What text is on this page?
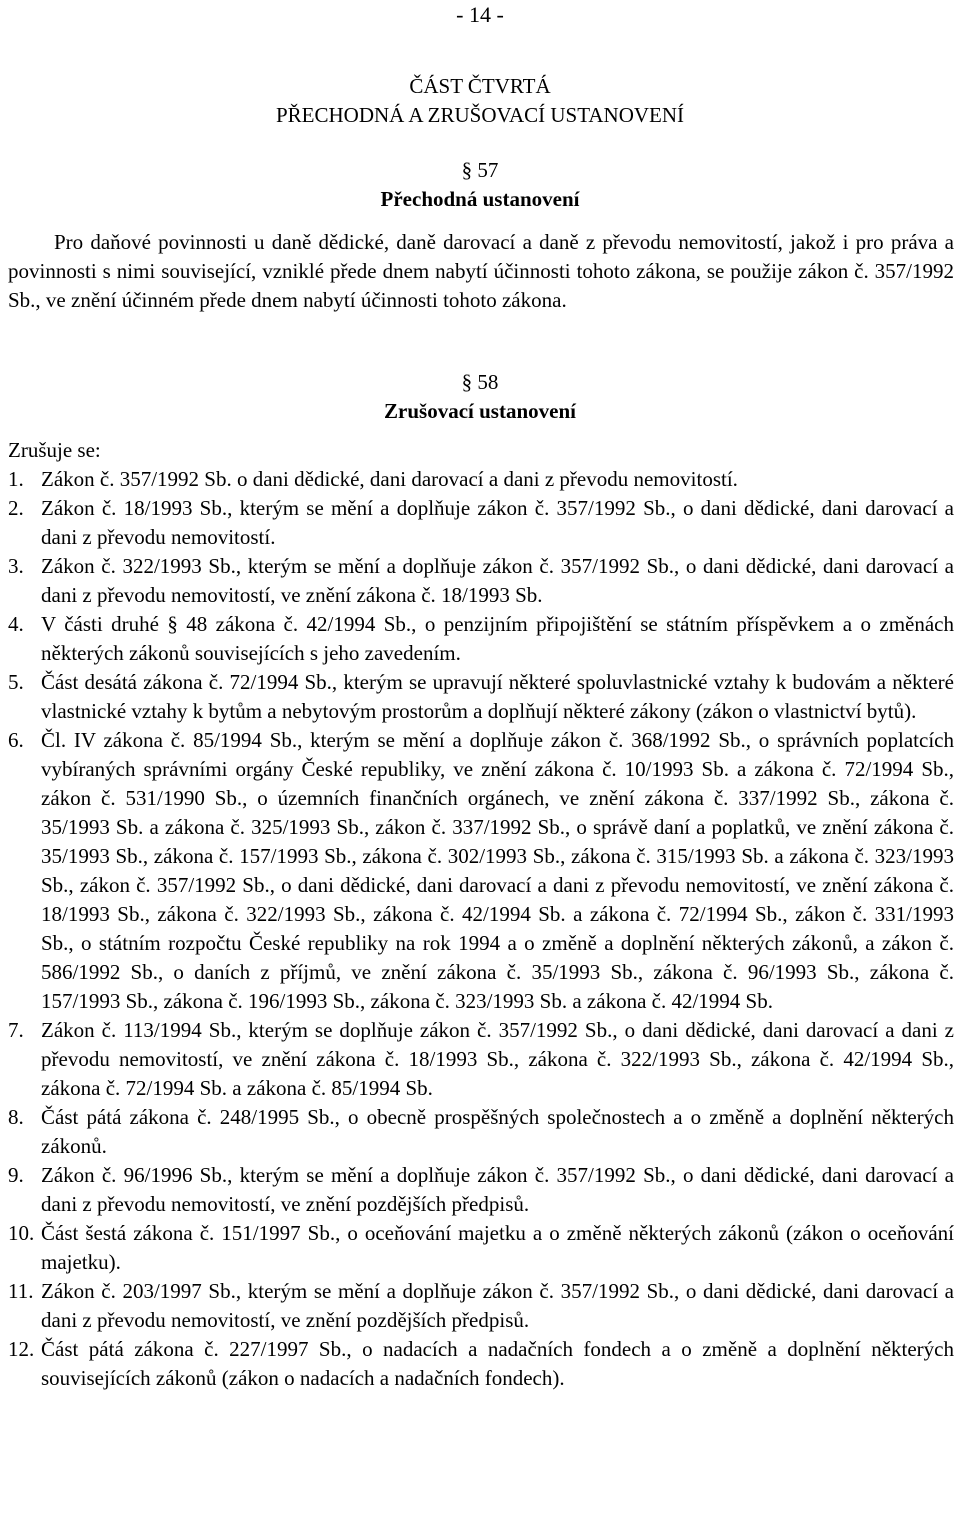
- 14 -
ČÁST ČTVRTÁ
PŘECHODNÁ A ZRUŠOVACÍ USTANOVENÍ
§ 57
Přechodná ustanovení
Pro daňové povinnosti u daně dědické, daně darovací a daně z převodu nemovitostí, jakož i pro práva a povinnosti s nimi související, vzniklé přede dnem nabytí účinnosti tohoto zákona, se použije zákon č. 357/1992 Sb., ve znění účinném přede dnem nabytí účinnosti tohoto zákona.
§ 58
Zrušovací ustanovení
Zrušuje se:
1. Zákon č. 357/1992 Sb. o dani dědické, dani darovací a dani z převodu nemovitostí.
2. Zákon č. 18/1993 Sb., kterým se mění a doplňuje zákon č. 357/1992 Sb., o dani dědické, dani darovací a dani z převodu nemovitostí.
3. Zákon č. 322/1993 Sb., kterým se mění a doplňuje zákon č. 357/1992 Sb., o dani dědické, dani darovací a dani z převodu nemovitostí, ve znění zákona č. 18/1993 Sb.
4. V části druhé § 48 zákona č. 42/1994 Sb., o penzijním připojištění se státním příspěvkem a o změnách některých zákonů souvisejících s jeho zavedením.
5. Část desátá zákona č. 72/1994 Sb., kterým se upravují některé spoluvlastnické vztahy k budovám a některé vlastnické vztahy k bytům a nebytovým prostorům a doplňují některé zákony (zákon o vlastnictví bytů).
6. Čl. IV zákona č. 85/1994 Sb., kterým se mění a doplňuje zákon č. 368/1992 Sb., o správních poplatcích vybíraných správními orgány České republiky, ve znění zákona č. 10/1993 Sb. a zákona č. 72/1994 Sb., zákon č. 531/1990 Sb., o územních finančních orgánech, ve znění zákona č. 337/1992 Sb., zákona č. 35/1993 Sb. a zákona č. 325/1993 Sb., zákon č. 337/1992 Sb., o správě daní a poplatků, ve znění zákona č. 35/1993 Sb., zákona č. 157/1993 Sb., zákona č. 302/1993 Sb., zákona č. 315/1993 Sb. a zákona č. 323/1993 Sb., zákon č. 357/1992 Sb., o dani dědické, dani darovací a dani z převodu nemovitostí, ve znění zákona č. 18/1993 Sb., zákona č. 322/1993 Sb., zákona č. 42/1994 Sb. a zákona č. 72/1994 Sb., zákon č. 331/1993 Sb., o státním rozpočtu České republiky na rok 1994 a o změně a doplnění některých zákonů, a zákon č. 586/1992 Sb., o daních z příjmů, ve znění zákona č. 35/1993 Sb., zákona č. 96/1993 Sb., zákona č. 157/1993 Sb., zákona č. 196/1993 Sb., zákona č. 323/1993 Sb. a zákona č. 42/1994 Sb.
7. Zákon č. 113/1994 Sb., kterým se doplňuje zákon č. 357/1992 Sb., o dani dědické, dani darovací a dani z převodu nemovitostí, ve znění zákona č. 18/1993 Sb., zákona č. 322/1993 Sb., zákona č. 42/1994 Sb., zákona č. 72/1994 Sb. a zákona č. 85/1994 Sb.
8. Část pátá zákona č. 248/1995 Sb., o obecně prospěšných společnostech a o změně a doplnění některých zákonů.
9. Zákon č. 96/1996 Sb., kterým se mění a doplňuje zákon č. 357/1992 Sb., o dani dědické, dani darovací a dani z převodu nemovitostí, ve znění pozdějších předpisů.
10. Část šestá zákona č. 151/1997 Sb., o oceňování majetku a o změně některých zákonů (zákon o oceňování majetku).
11. Zákon č. 203/1997 Sb., kterým se mění a doplňuje zákon č. 357/1992 Sb., o dani dědické, dani darovací a dani z převodu nemovitostí, ve znění pozdějších předpisů.
12. Část pátá zákona č. 227/1997 Sb., o nadacích a nadačních fondech a o změně a doplnění některých souvisejících zákonů (zákon o nadacích a nadačních fondech).
